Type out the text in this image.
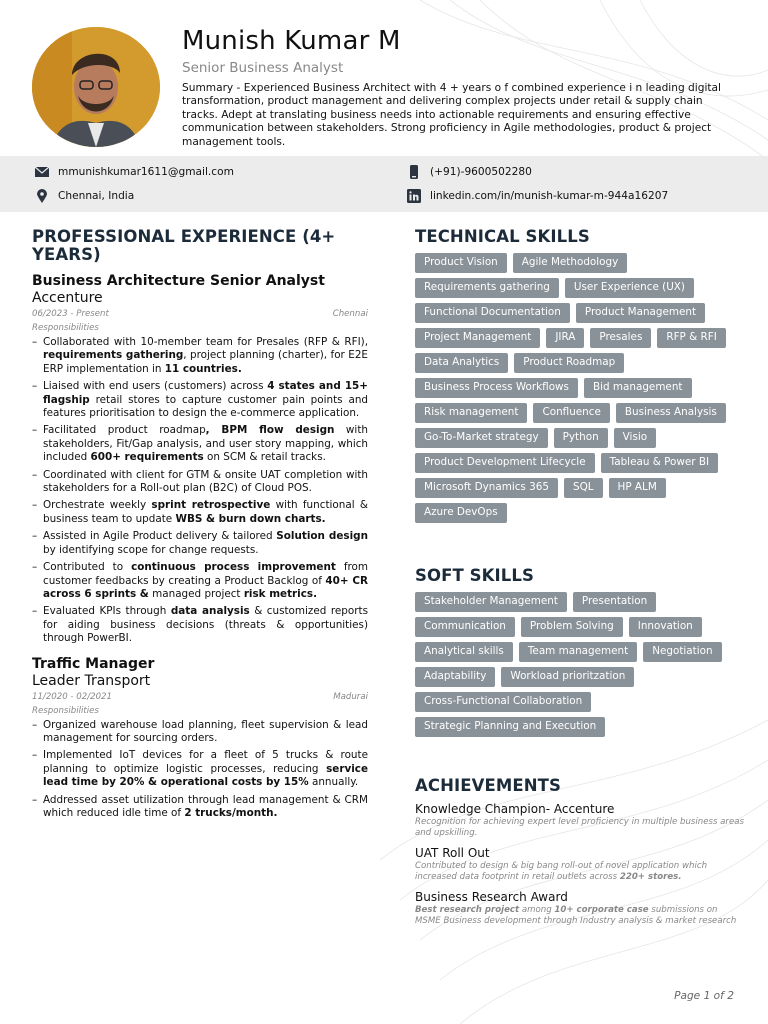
Munish Kumar M
Senior Business Analyst
Summary - Experienced Business Architect with 4 + years o f combined experience i n leading digital transformation, product management and delivering complex projects under retail & supply chain tracks. Adept at translating business needs into actionable requirements and ensuring effective communication between stakeholders. Strong proficiency in Agile methodologies, product & project management tools.
mmunishkumar1611@gmail.com	(+91)-9600502280
Chennai, India	linkedin.com/in/munish-kumar-m-944a16207
PROFESSIONAL EXPERIENCE (4+ YEARS)
Business Architecture Senior Analyst
Accenture
06/2023 - Present	Chennai
Responsibilities
– Collaborated with 10-member team for Presales (RFP & RFI), requirements gathering, project planning (charter), for E2E ERP implementation in 11 countries.
– Liaised with end users (customers) across 4 states and 15+ flagship retail stores to capture customer pain points and features prioritisation to design the e-commerce application.
– Facilitated product roadmap, BPM flow design with stakeholders, Fit/Gap analysis, and user story mapping, which included 600+ requirements on SCM & retail tracks.
– Coordinated with client for GTM & onsite UAT completion with stakeholders for a Roll-out plan (B2C) of Cloud POS.
– Orchestrate weekly sprint retrospective with functional & business team to update WBS & burn down charts.
– Assisted in Agile Product delivery & tailored Solution design by identifying scope for change requests.
– Contributed to continuous process improvement from customer feedbacks by creating a Product Backlog of 40+ CR across 6 sprints & managed project risk metrics.
– Evaluated KPIs through data analysis & customized reports for aiding business decisions (threats & opportunities) through PowerBI.
Traffic Manager
Leader Transport
11/2020 - 02/2021	Madurai
Responsibilities
– Organized warehouse load planning, fleet supervision & lead management for sourcing orders.
– Implemented IoT devices for a fleet of 5 trucks & route planning to optimize logistic processes, reducing service lead time by 20% & operational costs by 15% annually.
– Addressed asset utilization through lead management & CRM which reduced idle time of 2 trucks/month.
TECHNICAL SKILLS
Product Vision	Agile Methodology
Requirements gathering	User Experience (UX)
Functional Documentation	Product Management
Project Management	JIRA	Presales	RFP & RFI
Data Analytics	Product Roadmap
Business Process Workflows	Bid management
Risk management	Confluence	Business Analysis
Go-To-Market strategy	Python	Visio
Product Development Lifecycle	Tableau & Power BI
Microsoft Dynamics 365	SQL	HP ALM
Azure DevOps
SOFT SKILLS
Stakeholder Management	Presentation
Communication	Problem Solving	Innovation
Analytical skills	Team management	Negotiation
Adaptability	Workload prioritzation
Cross-Functional Collaboration
Strategic Planning and Execution
ACHIEVEMENTS
Knowledge Champion- Accenture
Recognition for achieving expert level proficiency in multiple business areas and upskilling.
UAT Roll Out
Contributed to design & big bang roll-out of novel application which increased data footprint in retail outlets across 220+ stores.
Business Research Award
Best research project among 10+ corporate case submissions on MSME Business development through Industry analysis & market research
Page 1 of 2
